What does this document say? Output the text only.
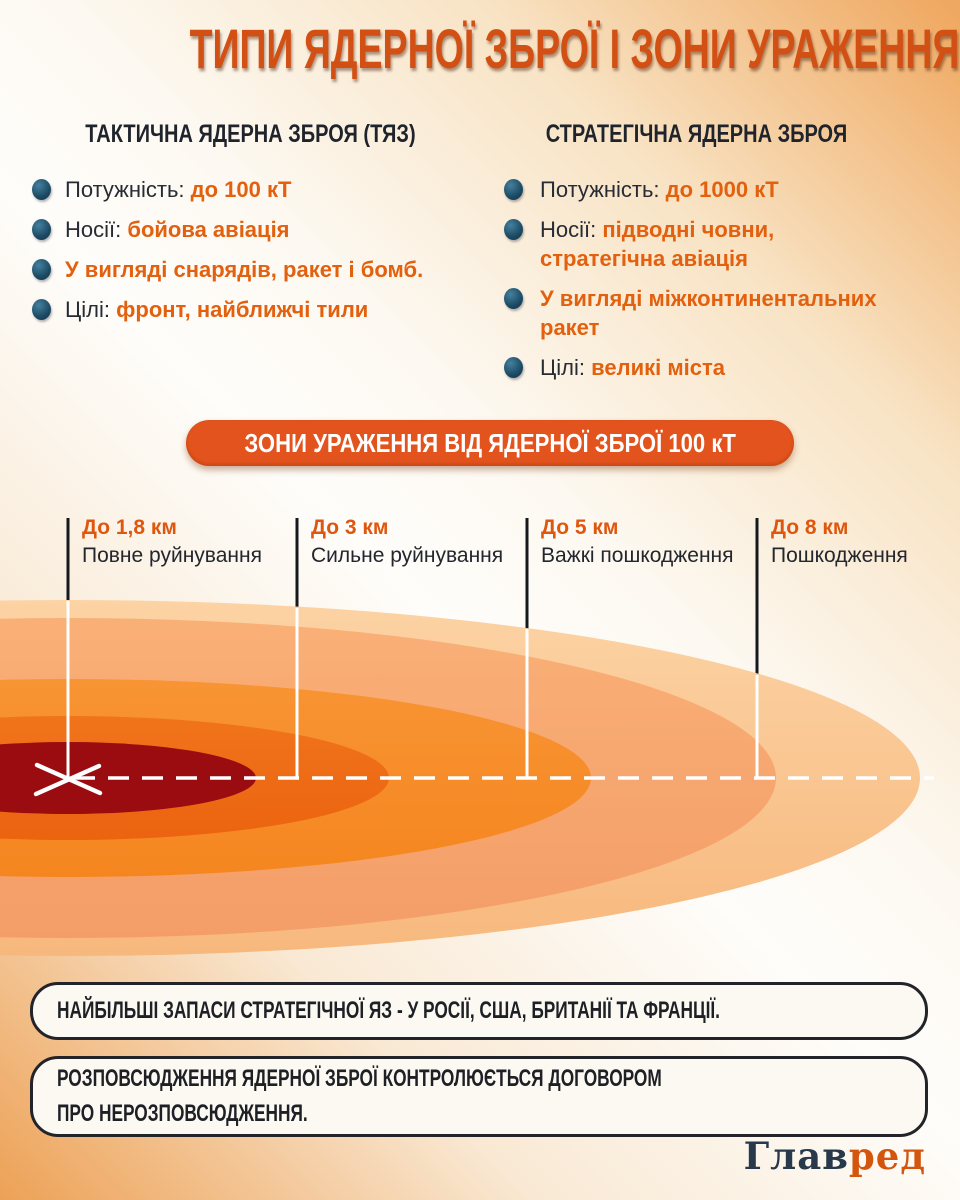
ТИПИ ЯДЕРНОЇ ЗБРОЇ І ЗОНИ УРАЖЕННЯ
ТАКТИЧНА ЯДЕРНА ЗБРОЯ (ТЯЗ)
Потужність: до 100 кТ
Носії: бойова авіація
У вигляді снарядів, ракет і бомб.
Цілі: фронт, найближчі тили
СТРАТЕГІЧНА ЯДЕРНА ЗБРОЯ
Потужність: до 1000 кТ
Носії: підводні човни, стратегічна авіація
У вигляді міжконтинентальних ракет
Цілі: великі міста
ЗОНИ УРАЖЕННЯ ВІД ЯДЕРНОЇ ЗБРОЇ 100 кТ
До 1,8 км
Повне руйнування
До 3 км
Сильне руйнування
До 5 км
Важкі пошкодження
До 8 км
Пошкодження
НАЙБІЛЬШІ ЗАПАСИ СТРАТЕГІЧНОЇ ЯЗ - У РОСІЇ, США, БРИТАНІЇ ТА ФРАНЦІЇ.
РОЗПОВСЮДЖЕННЯ ЯДЕРНОЇ ЗБРОЇ КОНТРОЛЮЄТЬСЯ ДОГОВОРОМ
ПРО НЕРОЗПОВСЮДЖЕННЯ.
Главред
